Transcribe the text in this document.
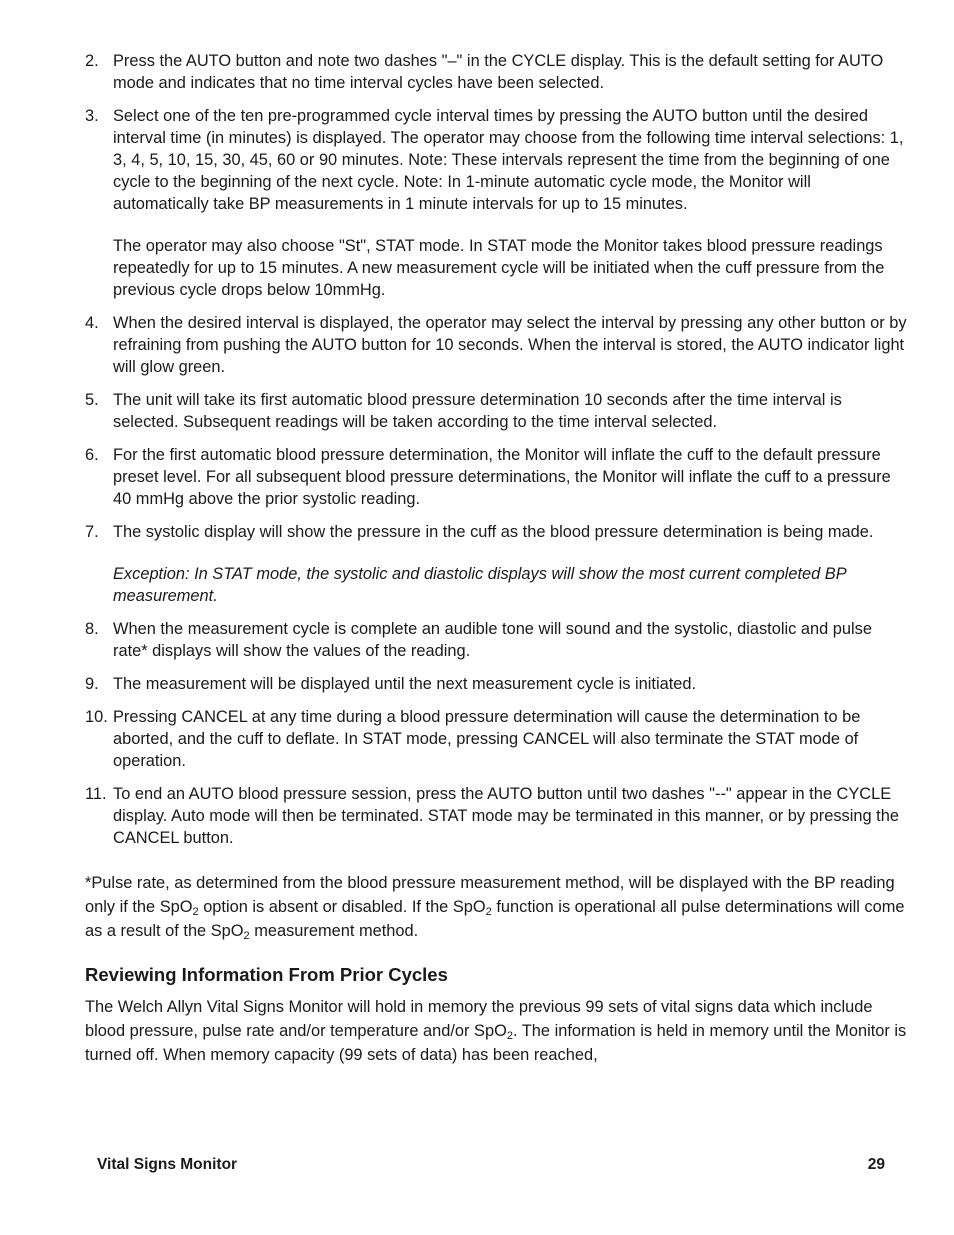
2. Press the AUTO button and note two dashes "–" in the CYCLE display. This is the default setting for AUTO mode and indicates that no time interval cycles have been selected.

3. Select one of the ten pre-programmed cycle interval times by pressing the AUTO button until the desired interval time (in minutes) is displayed. The operator may choose from the following time interval selections: 1, 3, 4, 5, 10, 15, 30, 45, 60 or 90 minutes. Note: These intervals represent the time from the beginning of one cycle to the beginning of the next cycle. Note: In 1-minute automatic cycle mode, the Monitor will automatically take BP measurements in 1 minute intervals for up to 15 minutes.

The operator may also choose "St", STAT mode. In STAT mode the Monitor takes blood pressure readings repeatedly for up to 15 minutes. A new measurement cycle will be initiated when the cuff pressure from the previous cycle drops below 10mmHg.

4. When the desired interval is displayed, the operator may select the interval by pressing any other button or by refraining from pushing the AUTO button for 10 seconds. When the interval is stored, the AUTO indicator light will glow green.

5. The unit will take its first automatic blood pressure determination 10 seconds after the time interval is selected. Subsequent readings will be taken according to the time interval selected.

6. For the first automatic blood pressure determination, the Monitor will inflate the cuff to the default pressure preset level. For all subsequent blood pressure determinations, the Monitor will inflate the cuff to a pressure 40 mmHg above the prior systolic reading.

7. The systolic display will show the pressure in the cuff as the blood pressure determination is being made.

Exception: In STAT mode, the systolic and diastolic displays will show the most current completed BP measurement.

8. When the measurement cycle is complete an audible tone will sound and the systolic, diastolic and pulse rate* displays will show the values of the reading.

9. The measurement will be displayed until the next measurement cycle is initiated.

10. Pressing CANCEL at any time during a blood pressure determination will cause the determination to be aborted, and the cuff to deflate. In STAT mode, pressing CANCEL will also terminate the STAT mode of operation.

11. To end an AUTO blood pressure session, press the AUTO button until two dashes "--" appear in the CYCLE display. Auto mode will then be terminated. STAT mode may be terminated in this manner, or by pressing the CANCEL button.

*Pulse rate, as determined from the blood pressure measurement method, will be displayed with the BP reading only if the SpO$_2$ option is absent or disabled. If the SpO$_2$ function is operational all pulse determinations will come as a result of the SpO$_2$ measurement method.

Reviewing Information From Prior Cycles

The Welch Allyn Vital Signs Monitor will hold in memory the previous 99 sets of vital signs data which include blood pressure, pulse rate and/or temperature and/or SpO$_2$. The information is held in memory until the Monitor is turned off. When memory capacity (99 sets of data) has been reached,

Vital Signs Monitor	29
